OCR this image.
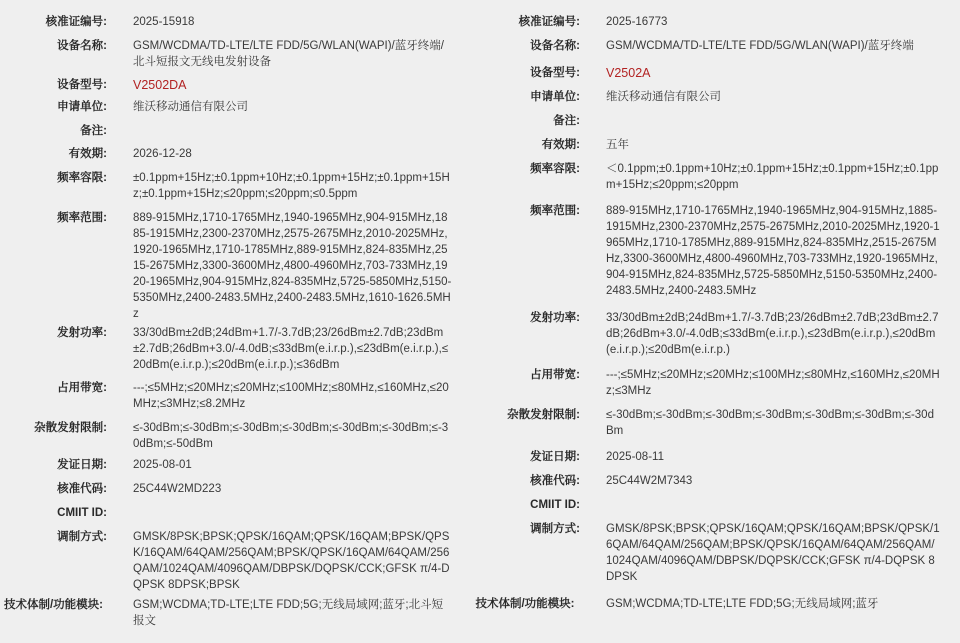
核准证编号:	2025-15918
设备名称:	GSM/WCDMA/TD-LTE/LTE FDD/5G/WLAN(WAPI)/蓝牙终端/北斗短报文无线电发射设备
设备型号:	V2502DA
申请单位:	维沃移动通信有限公司
备注:
有效期:	2026-12-28
频率容限:	±0.1ppm+15Hz;±0.1ppm+10Hz;±0.1ppm+15Hz;±0.1ppm+15Hz;±0.1ppm+15Hz;≤20ppm;≤20ppm;≤0.5ppm
频率范围:	889-915MHz,1710-1765MHz,1940-1965MHz,904-915MHz,1885-1915MHz,2300-2370MHz,2575-2675MHz,2010-2025MHz,1920-1965MHz,1710-1785MHz,889-915MHz,824-835MHz,2515-2675MHz,3300-3600MHz,4800-4960MHz,703-733MHz,1920-1965MHz,904-915MHz,824-835MHz,5725-5850MHz,5150-5350MHz,2400-2483.5MHz,2400-2483.5MHz,1610-1626.5MHz
发射功率:	33/30dBm±2dB;24dBm+1.7/-3.7dB;23/26dBm±2.7dB;23dBm±2.7dB;26dBm+3.0/-4.0dB;≤33dBm(e.i.r.p.),≤23dBm(e.i.r.p.),≤20dBm(e.i.r.p.);≤20dBm(e.i.r.p.);≤36dBm
占用带宽:	---;≤5MHz;≤20MHz;≤20MHz;≤100MHz;≤80MHz,≤160MHz,≤20MHz;≤3MHz;≤8.2MHz
杂散发射限制:	≤-30dBm;≤-30dBm;≤-30dBm;≤-30dBm;≤-30dBm;≤-30dBm;≤-30dBm;≤-50dBm
发证日期:	2025-08-01
核准代码:	25C44W2MD223
CMIIT ID:
调制方式:	GMSK/8PSK;BPSK;QPSK/16QAM;QPSK/16QAM;BPSK/QPSK/16QAM/64QAM/256QAM;BPSK/QPSK/16QAM/64QAM/256QAM/1024QAM/4096QAM/DBPSK/DQPSK/CCK;GFSK π/4-DQPSK 8DPSK;BPSK
技术体制/功能模块:	GSM;WCDMA;TD-LTE;LTE FDD;5G;无线局域网;蓝牙;北斗短报文
核准证编号:	2025-16773
设备名称:	GSM/WCDMA/TD-LTE/LTE FDD/5G/WLAN(WAPI)/蓝牙终端
设备型号:	V2502A
申请单位:	维沃移动通信有限公司
备注:
有效期:	五年
频率容限:	＜0.1ppm;±0.1ppm+10Hz;±0.1ppm+15Hz;±0.1ppm+15Hz;±0.1ppm+15Hz;≤20ppm;≤20ppm
频率范围:	889-915MHz,1710-1765MHz,1940-1965MHz,904-915MHz,1885-1915MHz,2300-2370MHz,2575-2675MHz,2010-2025MHz,1920-1965MHz,1710-1785MHz,889-915MHz,824-835MHz,2515-2675MHz,3300-3600MHz,4800-4960MHz,703-733MHz,1920-1965MHz,904-915MHz,824-835MHz,5725-5850MHz,5150-5350MHz,2400-2483.5MHz,2400-2483.5MHz
发射功率:	33/30dBm±2dB;24dBm+1.7/-3.7dB;23/26dBm±2.7dB;23dBm±2.7dB;26dBm+3.0/-4.0dB;≤33dBm(e.i.r.p.),≤23dBm(e.i.r.p.),≤20dBm(e.i.r.p.);≤20dBm(e.i.r.p.)
占用带宽:	---;≤5MHz;≤20MHz;≤20MHz;≤100MHz;≤80MHz,≤160MHz,≤20MHz;≤3MHz
杂散发射限制:	≤-30dBm;≤-30dBm;≤-30dBm;≤-30dBm;≤-30dBm;≤-30dBm;≤-30dBm
发证日期:	2025-08-11
核准代码:	25C44W2M7343
CMIIT ID:
调制方式:	GMSK/8PSK;BPSK;QPSK/16QAM;QPSK/16QAM;BPSK/QPSK/16QAM/64QAM/256QAM;BPSK/QPSK/16QAM/64QAM/256QAM/1024QAM/4096QAM/DBPSK/DQPSK/CCK;GFSK π/4-DQPSK 8DPSK
技术体制/功能模块:	GSM;WCDMA;TD-LTE;LTE FDD;5G;无线局域网;蓝牙
